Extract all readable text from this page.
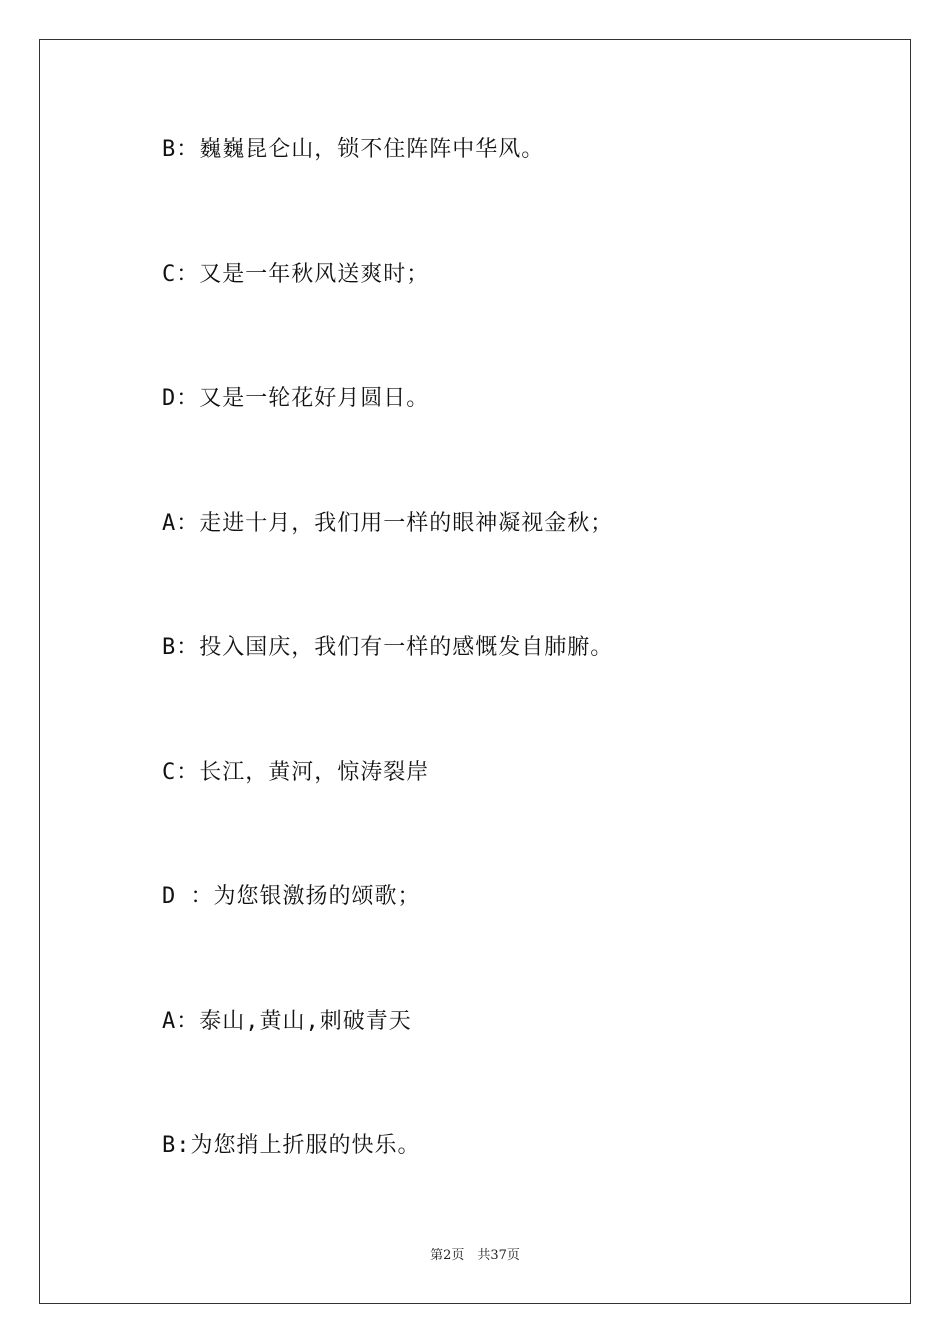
B：巍巍昆仑山，锁不住阵阵中华风。
C：又是一年秋风送爽时；
D：又是一轮花好月圆日。
A：走进十月，我们用一样的眼神凝视金秋；
B：投入国庆，我们有一样的感慨发自肺腑。
C：长江，黄河，惊涛裂岸
D ：为您银激扬的颂歌；
A：泰山,黄山,刺破青天
B:为您捎上折服的快乐。
第2页　共37页
